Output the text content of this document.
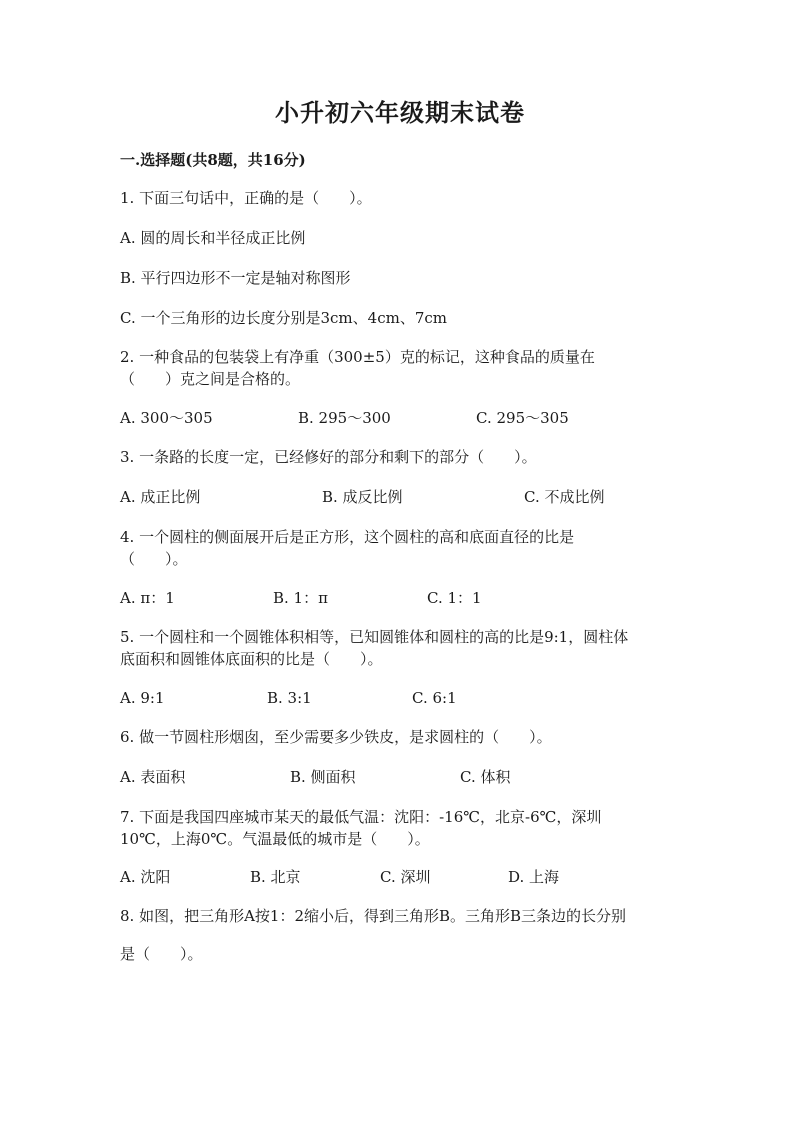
小升初六年级期末试卷
一.选择题(共8题，共16分)
1. 下面三句话中，正确的是（　　）。
A. 圆的周长和半径成正比例
B. 平行四边形不一定是轴对称图形
C. 一个三角形的边长度分别是3cm、4cm、7cm
2. 一种食品的包装袋上有净重（300±5）克的标记，这种食品的质量在
（　　）克之间是合格的。
A. 300～305	B. 295～300	C. 295～305
3. 一条路的长度一定，已经修好的部分和剩下的部分（　　）。
A. 成正比例	B. 成反比例	C. 不成比例
4. 一个圆柱的侧面展开后是正方形，这个圆柱的高和底面直径的比是
（　　）。
A. π：1	B. 1：π	C. 1：1
5. 一个圆柱和一个圆锥体积相等，已知圆锥体和圆柱的高的比是9:1，圆柱体
底面积和圆锥体底面积的比是（　　）。
A. 9:1	B. 3:1	C. 6:1
6. 做一节圆柱形烟囱，至少需要多少铁皮，是求圆柱的（　　）。
A. 表面积	B. 侧面积	C. 体积
7. 下面是我国四座城市某天的最低气温：沈阳：-16℃，北京-6℃，深圳
10℃，上海0℃。气温最低的城市是（　　）。
A. 沈阳	B. 北京	C. 深圳	D. 上海
8. 如图，把三角形A按1：2缩小后，得到三角形B。三角形B三条边的长分别
是（　　）。
